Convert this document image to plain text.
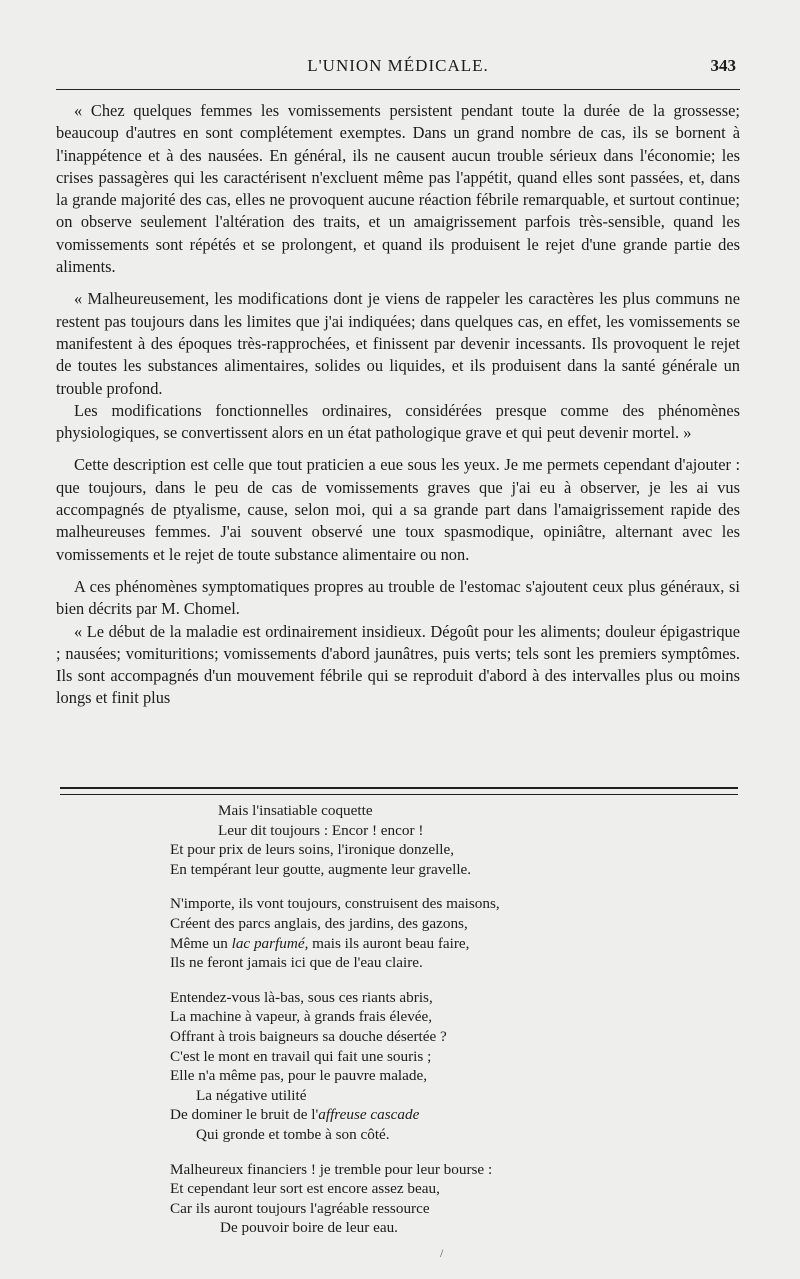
L'UNION MÉDICALE.	343

« Chez quelques femmes les vomissements persistent pendant toute la durée de la grossesse; beaucoup d'autres en sont complétement exemptes. Dans un grand nombre de cas, ils se bornent à l'inappétence et à des nausées. En général, ils ne causent aucun trouble sérieux dans l'économie; les crises passagères qui les caractérisent n'excluent même pas l'appétit, quand elles sont passées, et, dans la grande majorité des cas, elles ne provoquent aucune réaction fébrile remarquable, et surtout continue; on observe seulement l'altération des traits, et un amaigrissement parfois très-sensible, quand les vomissements sont répétés et se prolongent, et quand ils produisent le rejet d'une grande partie des aliments.

« Malheureusement, les modifications dont je viens de rappeler les caractères les plus communs ne restent pas toujours dans les limites que j'ai indiquées; dans quelques cas, en effet, les vomissements se manifestent à des époques très-rapprochées, et finissent par devenir incessants. Ils provoquent le rejet de toutes les substances alimentaires, solides ou liquides, et ils produisent dans la santé générale un trouble profond.

Les modifications fonctionnelles ordinaires, considérées presque comme des phénomènes physiologiques, se convertissent alors en un état pathologique grave et qui peut devenir mortel. »

Cette description est celle que tout praticien a eue sous les yeux. Je me permets cependant d'ajouter : que toujours, dans le peu de cas de vomissements graves que j'ai eu à observer, je les ai vus accompagnés de ptyalisme, cause, selon moi, qui a sa grande part dans l'amaigrissement rapide des malheureuses femmes. J'ai souvent observé une toux spasmodique, opiniâtre, alternant avec les vomissements et le rejet de toute substance alimentaire ou non.

A ces phénomènes symptomatiques propres au trouble de l'estomac s'ajoutent ceux plus généraux, si bien décrits par M. Chomel.

« Le début de la maladie est ordinairement insidieux. Dégoût pour les aliments; douleur épigastrique ; nausées; vomituritions; vomissements d'abord jaunâtres, puis verts; tels sont les premiers symptômes. Ils sont accompagnés d'un mouvement fébrile qui se reproduit d'abord à des intervalles plus ou moins longs et finit plus

Mais l'insatiable coquette
Leur dit toujours : Encor ! encor !
Et pour prix de leurs soins, l'ironique donzelle,
En tempérant leur goutte, augmente leur gravelle.
N'importe, ils vont toujours, construisent des maisons,
Créent des parcs anglais, des jardins, des gazons,
Même un lac parfumé, mais ils auront beau faire,
Ils ne feront jamais ici que de l'eau claire.
Entendez-vous là-bas, sous ces riants abris,
La machine à vapeur, à grands frais élevée,
Offrant à trois baigneurs sa douche désertée ?
C'est le mont en travail qui fait une souris ;
Elle n'a même pas, pour le pauvre malade,
La négative utilité
De dominer le bruit de l'affreuse cascade
Qui gronde et tombe à son côté.
Malheureux financiers ! je tremble pour leur bourse :
Et cependant leur sort est encore assez beau,
Car ils auront toujours l'agréable ressource
De pouvoir boire de leur eau.
/
